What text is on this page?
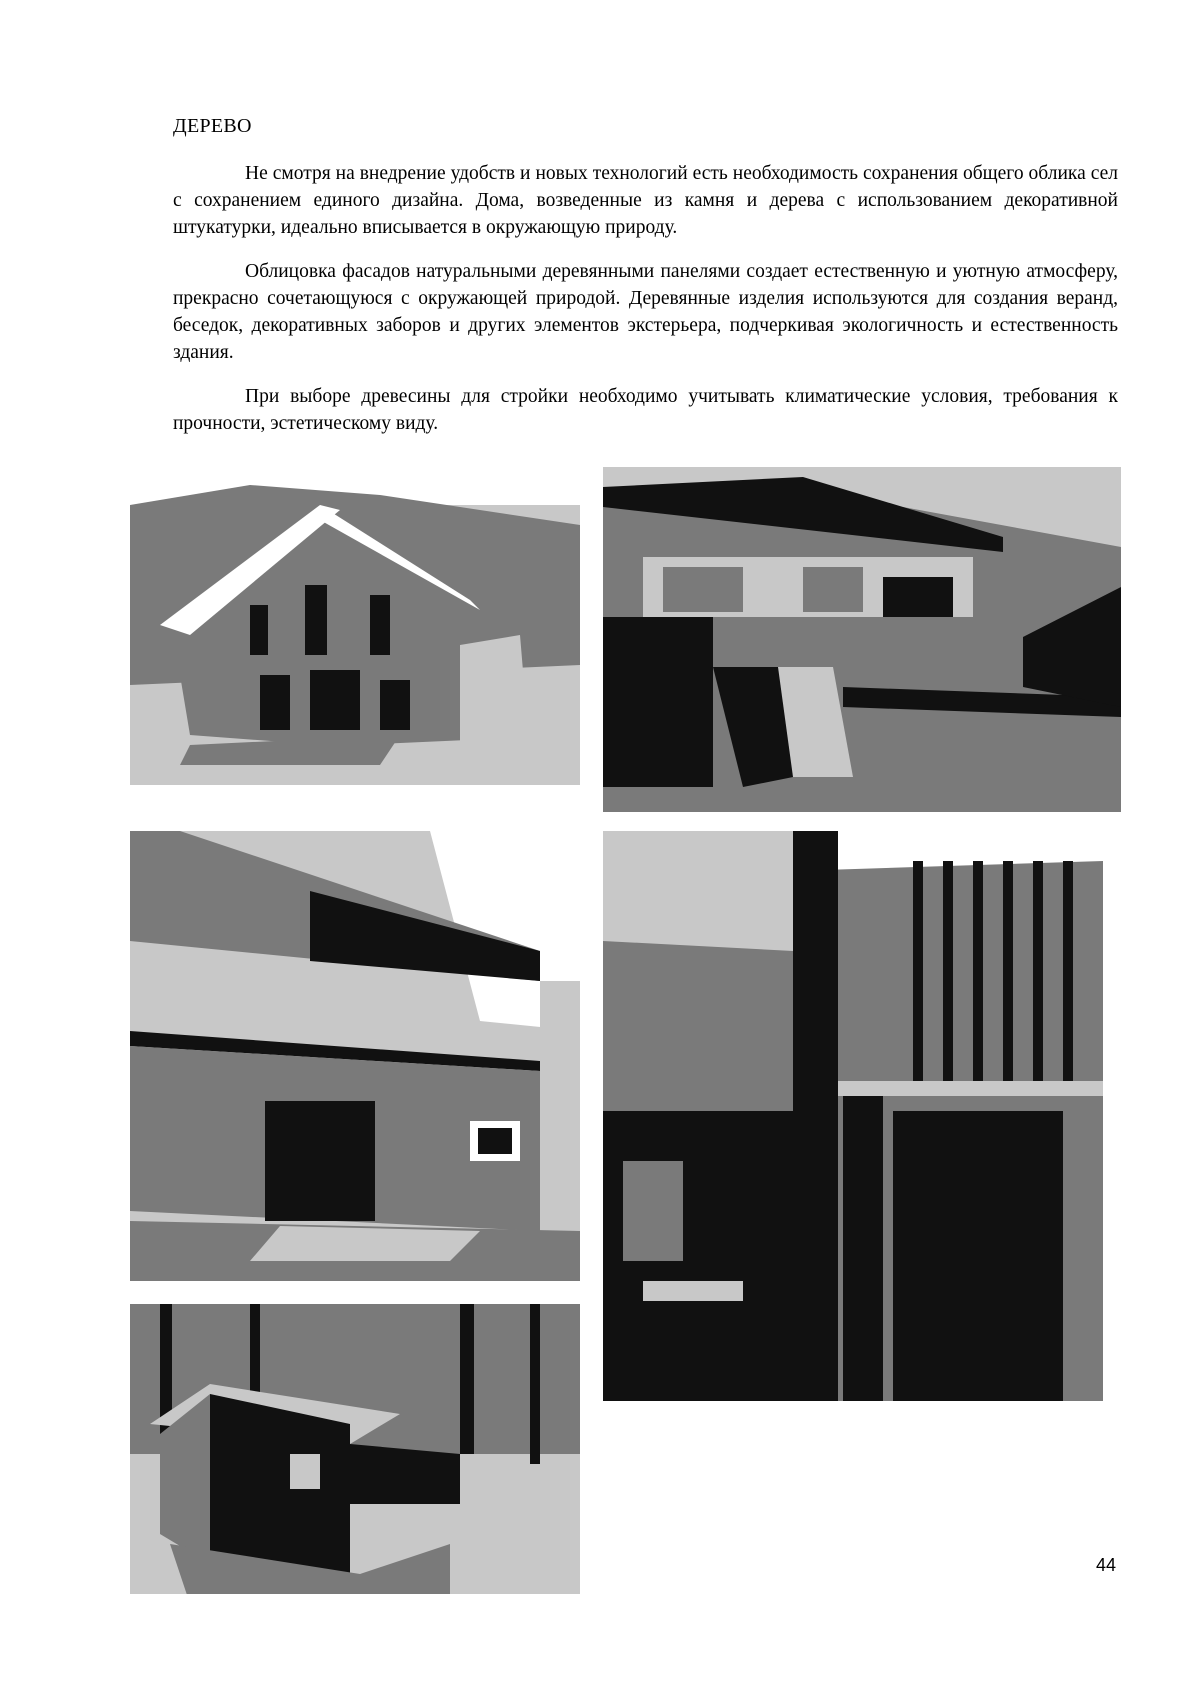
ДЕРЕВО

Не смотря на внедрение удобств и новых технологий есть необходимость сохранения общего облика сел с сохранением единого дизайна. Дома, возведенные из камня и дерева с использованием декоративной штукатурки, идеально вписывается в окружающую природу.

Облицовка фасадов натуральными деревянными панелями создает естественную и уютную атмосферу, прекрасно сочетающуюся с окружающей природой. Деревянные изделия используются для создания веранд, беседок, декоративных заборов и других элементов экстерьера, подчеркивая экологичность и естественность здания.

При выборе древесины для стройки необходимо учитывать климатические условия, требования к прочности, эстетическому виду.

44
